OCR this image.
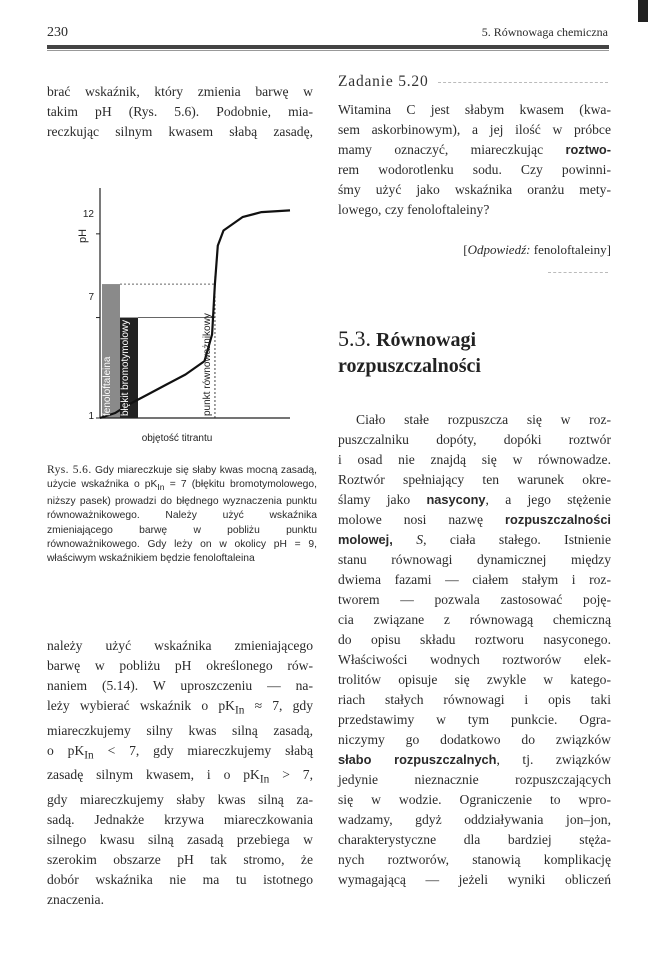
230	5. Równowaga chemiczna

brać wskaźnik, który zmienia barwę w

takim pH (Rys. 5.6). Podobnie, mia-

reczkując silnym kwasem słabą zasadę,

pH
objętość titrantu
12
7
1
fenoloftaleina błękit bromotymolowy	punkt równoważnikowy
Rys. 5.6. Gdy miareczkuje się słaby kwas mocną zasadą, użycie wskaźnika o $pK_{In} = 7$ (błękitu bromotymolowego, niższy pasek) prowadzi do błędnego wyznaczenia punktu równoważnikowego. Należy użyć wskaźnika zmieniającego barwę w pobliżu punktu równoważnikowego. Gdy leży on w okolicy pH = 9, właściwym wskaźnikiem będzie fenoloftaleina

należy użyć wskaźnika zmieniającego

barwę w pobliżu pH określonego rów-

naniem (5.14). W uproszczeniu — na-

leży wybierać wskaźnik o $pK_{In} \approx 7$, gdy

miareczkujemy silny kwas silną zasadą,

o $pK_{In} < 7$, gdy miareczkujemy słabą

zasadę silnym kwasem, i o $pK_{In} > 7$,

gdy miareczkujemy słaby kwas silną za-

sadą. Jednakże krzywa miareczkowania

silnego kwasu silną zasadą przebiega w

szerokim obszarze pH tak stromo, że

dobór wskaźnika nie ma tu istotnego

znaczenia.

Zadanie 5.20

Witamina C jest słabym kwasem (kwa-

sem askorbinowym), a jej ilość w próbce

mamy oznaczyć, miareczkując roztwo-

rem wodorotlenku sodu. Czy powinni-

śmy użyć jako wskaźnika oranżu mety-

lowego, czy fenoloftaleiny?

[Odpowiedź: fenoloftaleiny]
5.3. Równowagi
rozpuszczalności

Ciało stałe rozpuszcza się w roz-

puszczalniku dopóty, dopóki roztwór

i osad nie znajdą się w równowadze.

Roztwór spełniający ten warunek okre-

ślamy jako nasycony, a jego stężenie

molowe nosi nazwę rozpuszczalności

molowej, S, ciała stałego. Istnienie

stanu równowagi dynamicznej między

dwiema fazami — ciałem stałym i roz-

tworem — pozwala zastosować poję-

cia związane z równowagą chemiczną

do opisu składu roztworu nasyconego.

Właściwości wodnych roztworów elek-

trolitów opisuje się zwykle w katego-

riach stałych równowagi i opis taki

przedstawimy w tym punkcie. Ogra-

niczymy go dodatkowo do związków

słabo rozpuszczalnych, tj. związków

jedynie nieznacznie rozpuszczających

się w wodzie. Ograniczenie to wpro-

wadzamy, gdyż oddziaływania jon–jon,

charakterystyczne dla bardziej stęża-

nych roztworów, stanowią komplikację

wymagającą — jeżeli wyniki obliczeń
